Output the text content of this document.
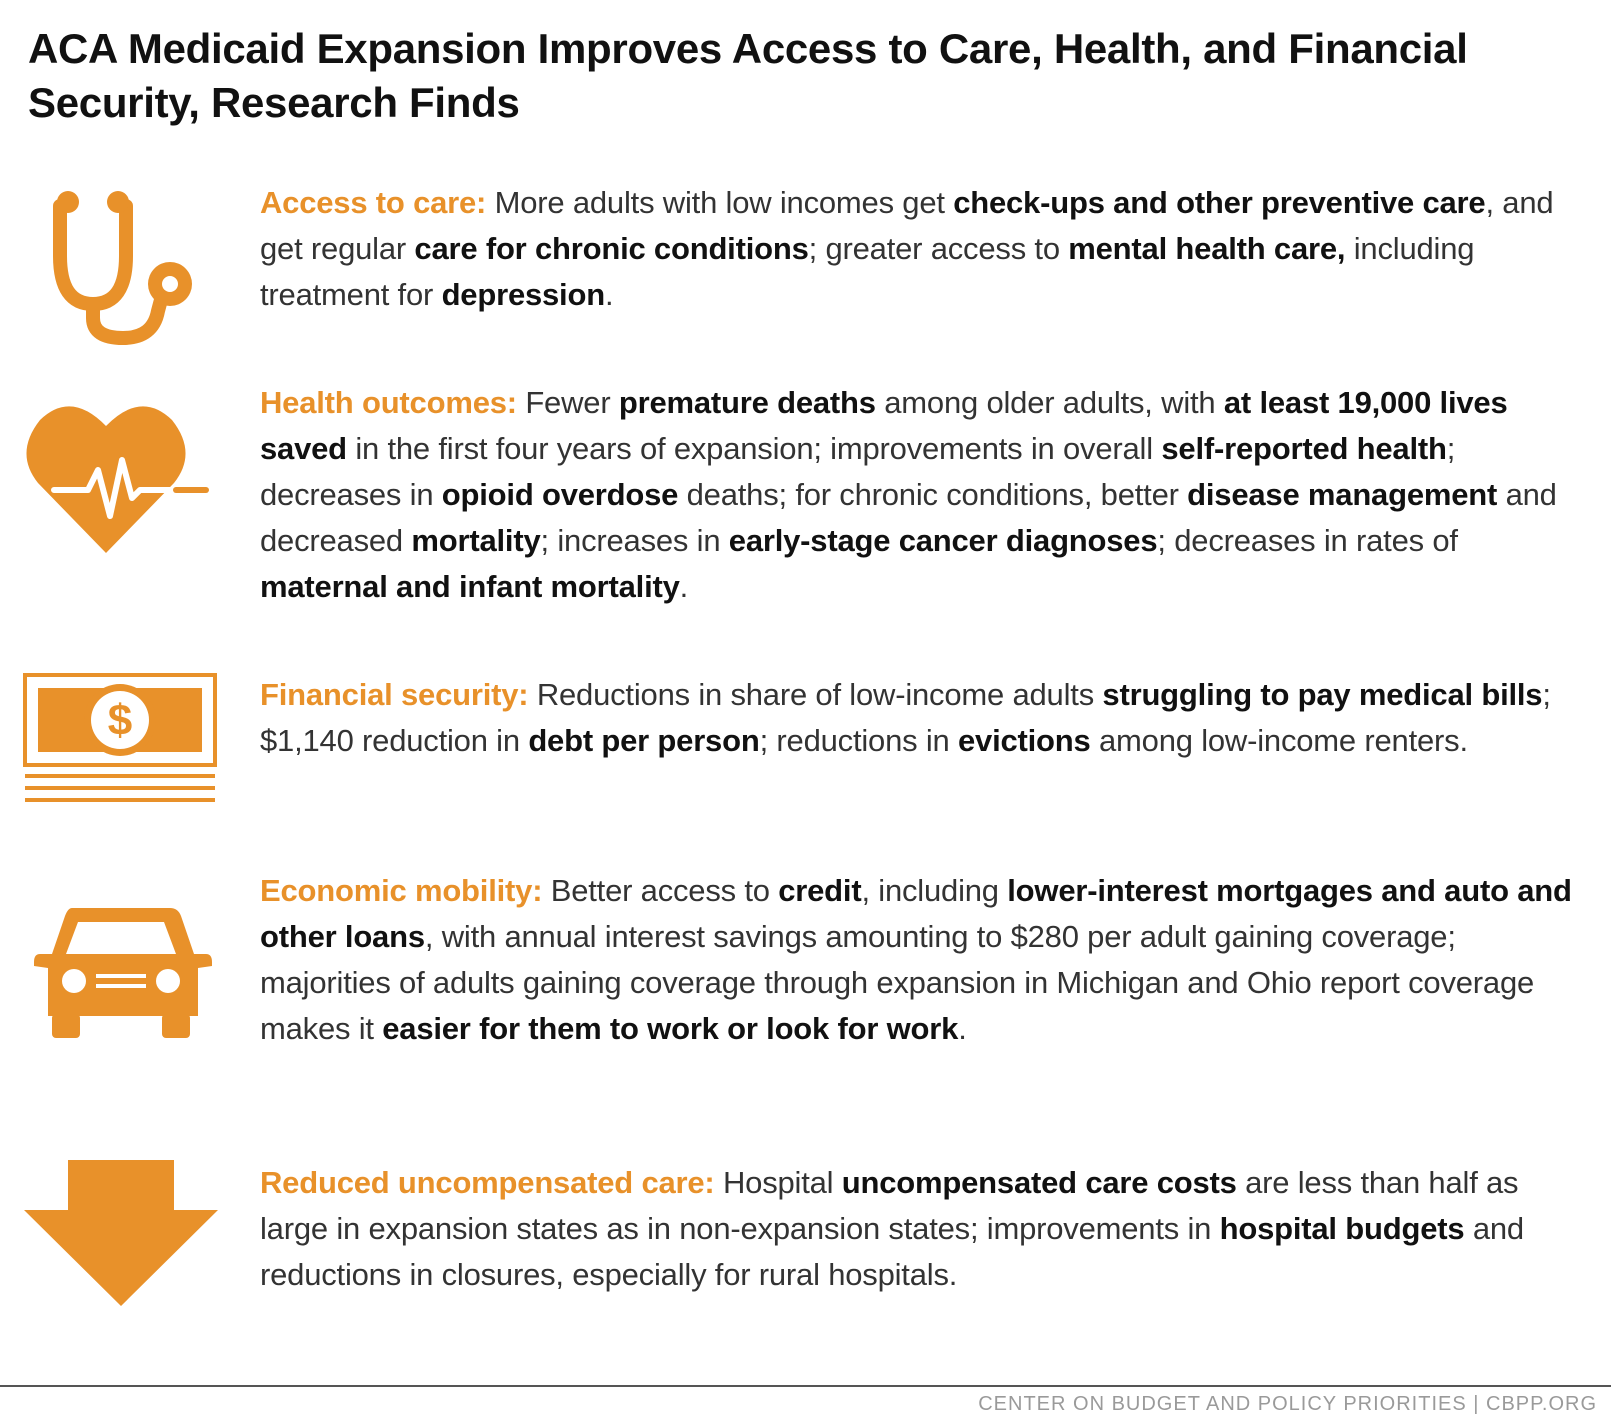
ACA Medicaid Expansion Improves Access to Care, Health, and Financial Security, Research Finds
Access to care: More adults with low incomes get check-ups and other preventive care, and get regular care for chronic conditions; greater access to mental health care, including treatment for depression.
Health outcomes: Fewer premature deaths among older adults, with at least 19,000 lives saved in the first four years of expansion; improvements in overall self-reported health; decreases in opioid overdose deaths; for chronic conditions, better disease management and decreased mortality; increases in early-stage cancer diagnoses; decreases in rates of maternal and infant mortality.
$
Financial security: Reductions in share of low-income adults struggling to pay medical bills; $1,140 reduction in debt per person; reductions in evictions among low-income renters.
Economic mobility: Better access to credit, including lower-interest mortgages and auto and other loans, with annual interest savings amounting to $280 per adult gaining coverage; majorities of adults gaining coverage through expansion in Michigan and Ohio report coverage makes it easier for them to work or look for work.
Reduced uncompensated care: Hospital uncompensated care costs are less than half as large in expansion states as in non-expansion states; improvements in hospital budgets and reductions in closures, especially for rural hospitals.
CENTER ON BUDGET AND POLICY PRIORITIES | CBPP.ORG
